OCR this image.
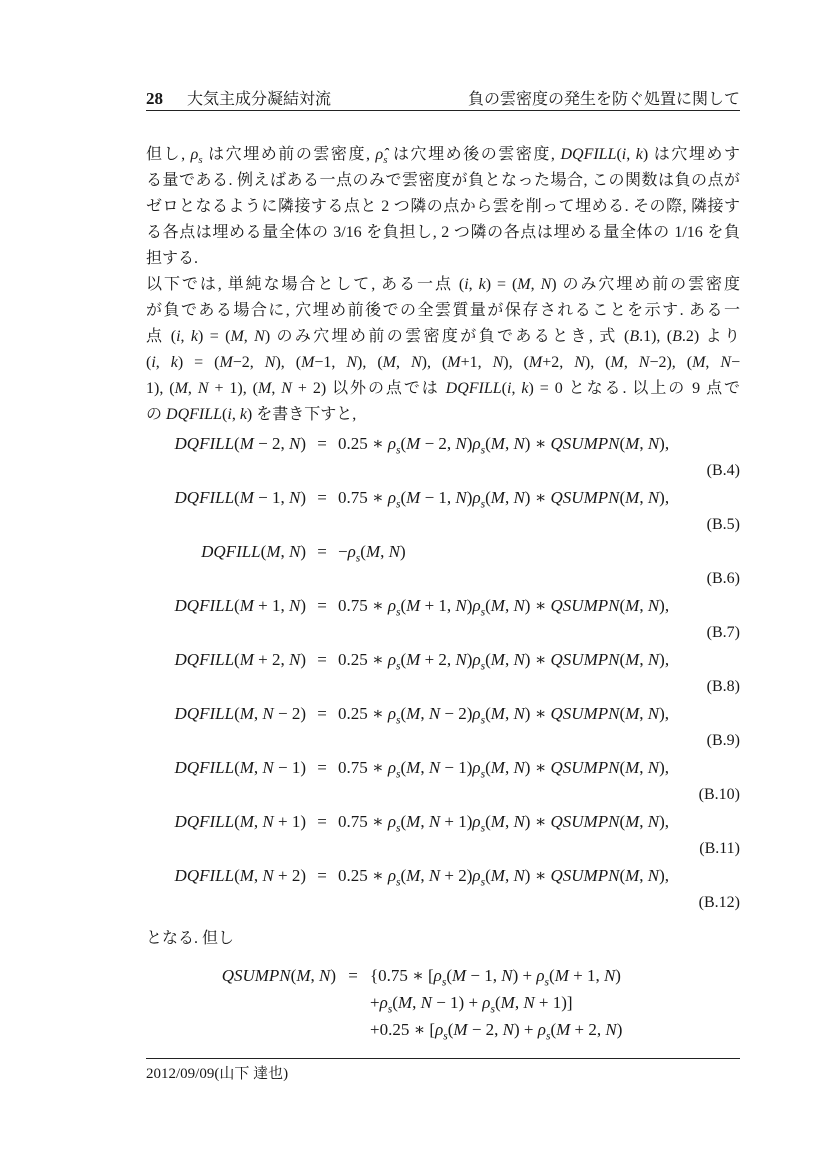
28 大気主成分凝結対流	負の雲密度の発生を防ぐ処置に関して
但し, $\rho_s$ は穴埋め前の雲密度, $\rhô_s$ は穴埋め後の雲密度, DQFILL(i, k) は穴埋めす
る量である. 例えばある一点のみで雲密度が負となった場合, この関数は負の点が
ゼロとなるように隣接する点と 2 つ隣の点から雲を削って埋める. その際, 隣接す
る各点は埋める量全体の 3/16 を負担し, 2 つ隣の各点は埋める量全体の 1/16 を負
担する.
以下では, 単純な場合として, ある一点 (i, k) = (M, N) のみ穴埋め前の雲密度
が負である場合に, 穴埋め前後での全雲質量が保存されることを示す. ある一
点 (i, k) = (M, N) のみ穴埋め前の雲密度が負であるとき, 式 (B.1), (B.2) より
(i, k) = (M−2, N), (M−1, N), (M, N), (M+1, N), (M+2, N), (M, N−2), (M, N−
1), (M, N + 1), (M, N + 2) 以外の点では DQFILL(i, k) = 0 となる. 以上の 9 点で
の DQFILL(i, k) を書き下すと,
DQFILL(M − 2, N) = 0.25 ∗ $\rho_s(M - 2$, $N)\rho_s(M$, N) ∗ QSUMPN(M, N),
(B.4)
DQFILL(M − 1, N) = 0.75 ∗ $\rho_s(M - 1$, $N)\rho_s(M$, N) ∗ QSUMPN(M, N),
(B.5)
DQFILL(M, $N) = -\rho_s(M$, N)
(B.6)
DQFILL(M + 1, N) = 0.75 ∗ $\rho_s(M + 1$, $N)\rho_s(M$, N) ∗ QSUMPN(M, N),
(B.7)
DQFILL(M + 2, N) = 0.25 ∗ $\rho_s(M + 2$, $N)\rho_s(M$, N) ∗ QSUMPN(M, N),
(B.8)
DQFILL(M, N − 2) = 0.25 ∗ $\rho_s(M$, $N - 2)\rho_s(M$, N) ∗ QSUMPN(M, N),
(B.9)
DQFILL(M, N − 1) = 0.75 ∗ $\rho_s(M$, $N - 1)\rho_s(M$, N) ∗ QSUMPN(M, N),
(B.10)
DQFILL(M, N + 1) = 0.75 ∗ $\rho_s(M$, $N + 1)\rho_s(M$, N) ∗ QSUMPN(M, N),
(B.11)
DQFILL(M, N + 2) = 0.25 ∗ $\rho_s(M$, $N + 2)\rho_s(M$, N) ∗ QSUMPN(M, N),
(B.12)
となる. 但し
QSUMPN(M, N) = {0.75 ∗ [$\rho_s(M - 1$, $N) + \rho_s(M + 1$, N)
$+\rho_s(M$, $N - 1) + \rho_s(M$, N + 1)]
+0.25 ∗ [$\rho_s(M - 2$, $N) + \rho_s(M + 2$, N)
2012/09/09(山下 達也)
